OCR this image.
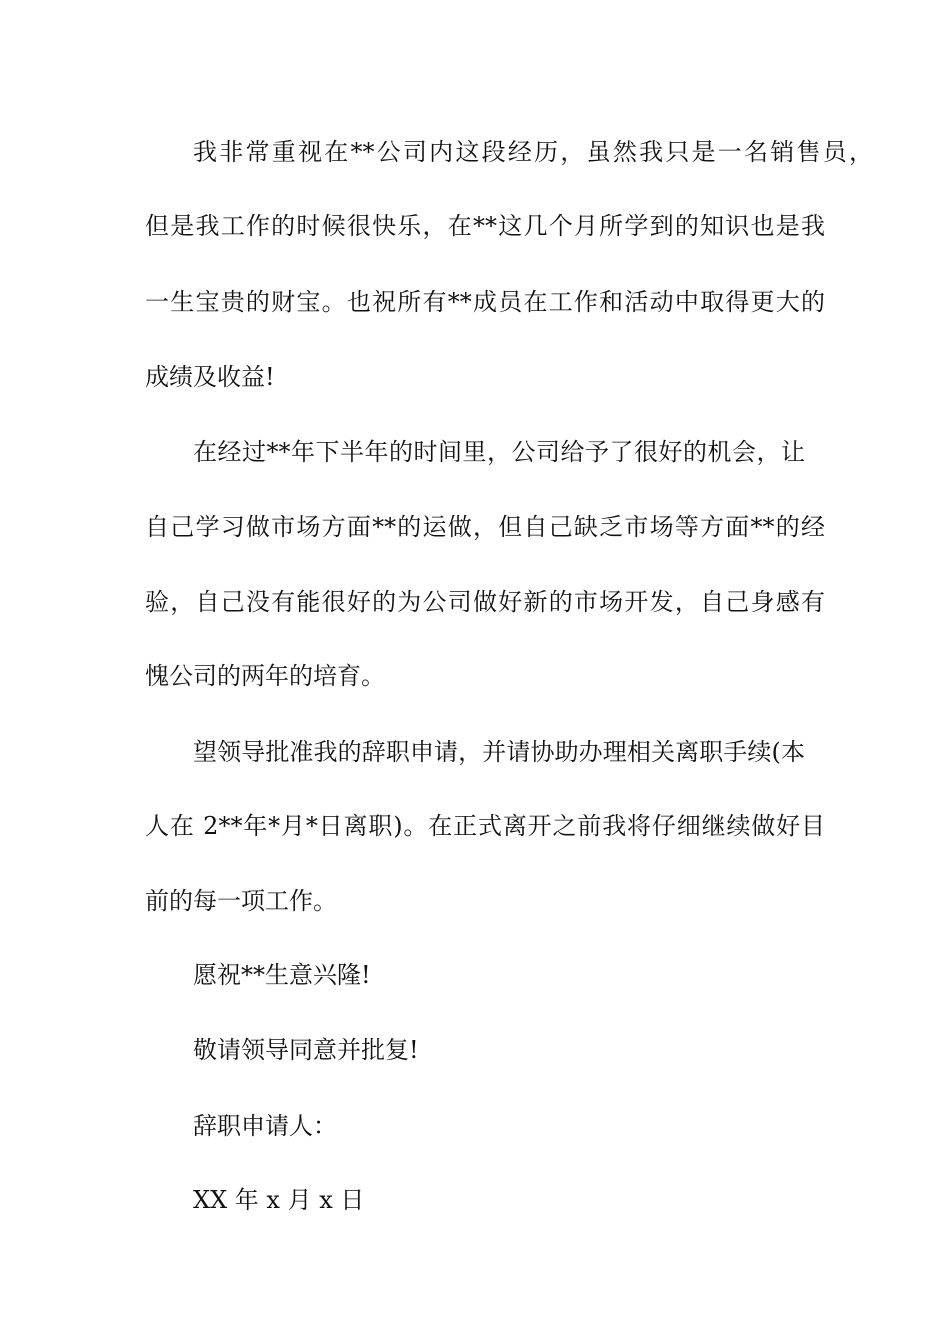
我非常重视在**公司内这段经历，虽然我只是一名销售员，
但是我工作的时候很快乐，在**这几个月所学到的知识也是我
一生宝贵的财宝。也祝所有**成员在工作和活动中取得更大的
成绩及收益!
在经过**年下半年的时间里，公司给予了很好的机会，让
自己学习做市场方面**的运做，但自己缺乏市场等方面**的经
验，自己没有能很好的为公司做好新的市场开发，自己身感有
愧公司的两年的培育。
望领导批准我的辞职申请，并请协助办理相关离职手续(本
人在 2**年*月*日离职)。在正式离开之前我将仔细继续做好目
前的每一项工作。
愿祝**生意兴隆!
敬请领导同意并批复!
辞职申请人：
XX 年 x 月 x 日
